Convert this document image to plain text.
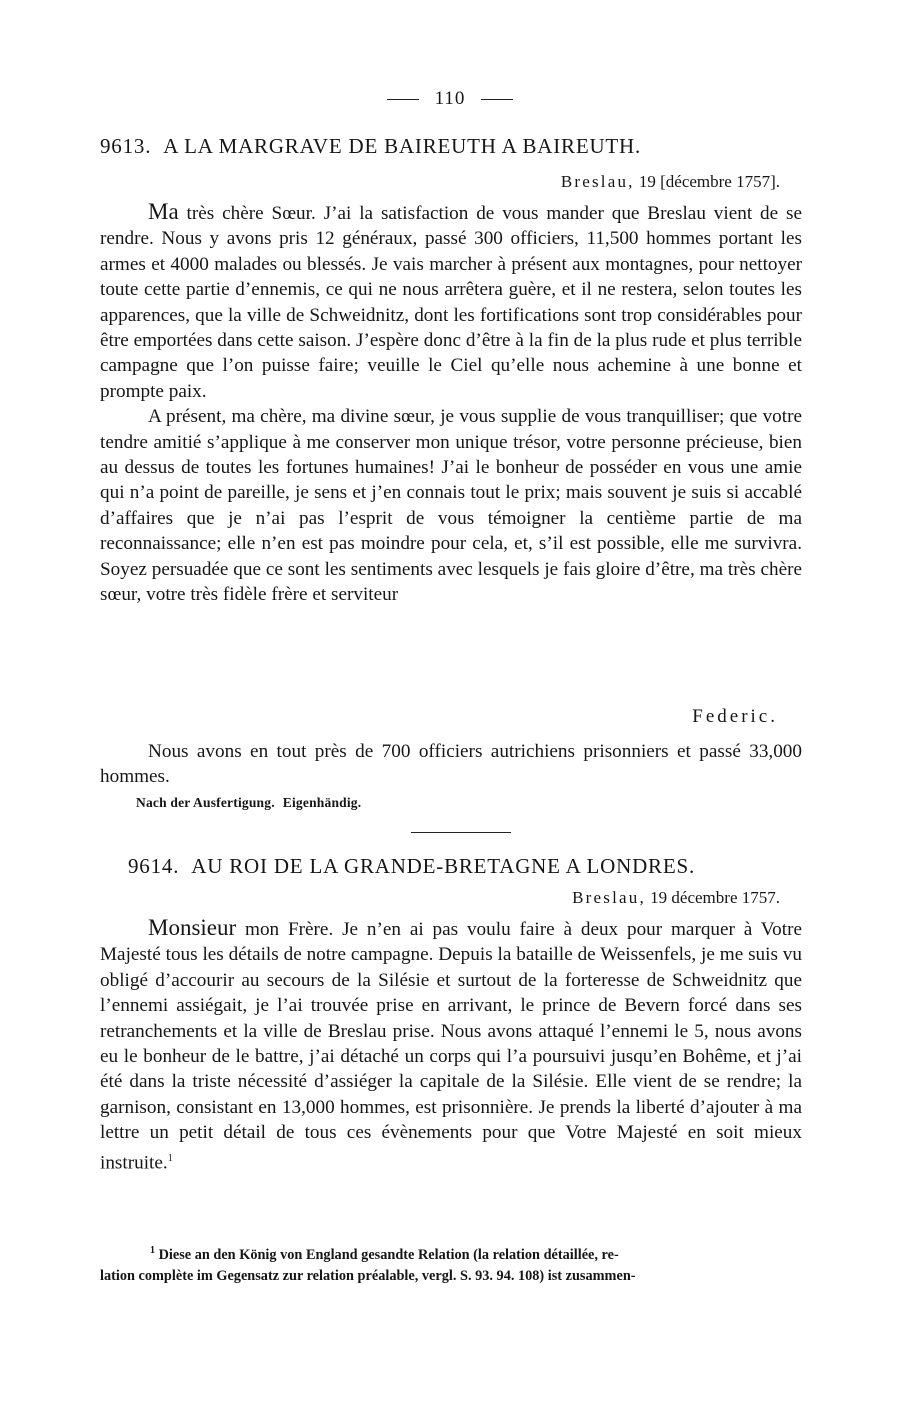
110
9613. A LA MARGRAVE DE BAIREUTH A BAIREUTH.
Breslau, 19 [décembre 1757].

Ma très chère Sœur. J’ai la satisfaction de vous mander que Breslau vient de se rendre. Nous y avons pris 12 généraux, passé 300 officiers, 11,500 hommes portant les armes et 4000 malades ou blessés. Je vais marcher à présent aux montagnes, pour nettoyer toute cette partie d’ennemis, ce qui ne nous arrêtera guère, et il ne restera, selon toutes les apparences, que la ville de Schweidnitz, dont les fortifications sont trop considérables pour être emportées dans cette saison. J’espère donc d’être à la fin de la plus rude et plus terrible campagne que l’on puisse faire; veuille le Ciel qu’elle nous achemine à une bonne et prompte paix.

A présent, ma chère, ma divine sœur, je vous supplie de vous tranquilliser; que votre tendre amitié s’applique à me conserver mon unique trésor, votre personne précieuse, bien au dessus de toutes les fortunes humaines! J’ai le bonheur de posséder en vous une amie qui n’a point de pareille, je sens et j’en connais tout le prix; mais souvent je suis si accablé d’affaires que je n’ai pas l’esprit de vous témoigner la centième partie de ma reconnaissance; elle n’en est pas moindre pour cela, et, s’il est possible, elle me survivra. Soyez persuadée que ce sont les sentiments avec lesquels je fais gloire d’être, ma très chère sœur, votre très fidèle frère et serviteur

Federic.

Nous avons en tout près de 700 officiers autrichiens prisonniers et passé 33,000 hommes.

Nach der Ausfertigung. Eigenhändig.
9614. AU ROI DE LA GRANDE-BRETAGNE A LONDRES.
Breslau, 19 décembre 1757.

Monsieur mon Frère. Je n’en ai pas voulu faire à deux pour marquer à Votre Majesté tous les détails de notre campagne. Depuis la bataille de Weissenfels, je me suis vu obligé d’accourir au secours de la Silésie et surtout de la forteresse de Schweidnitz que l’ennemi assiégait, je l’ai trouvée prise en arrivant, le prince de Bevern forcé dans ses retranchements et la ville de Breslau prise. Nous avons attaqué l’ennemi le 5, nous avons eu le bonheur de le battre, j’ai détaché un corps qui l’a poursuivi jusqu’en Bohême, et j’ai été dans la triste nécessité d’assiéger la capitale de la Silésie. Elle vient de se rendre; la garnison, consistant en 13,000 hommes, est prisonnière. Je prends la liberté d’ajouter à ma lettre un petit détail de tous ces évènements pour que Votre Majesté en soit mieux instruite.$^1$

$^1$ Diese an den König von England gesandte Relation (la relation détaillée, re-
lation complète im Gegensatz zur relation préalable, vergl. S. 93. 94. 108) ist zusammen-
